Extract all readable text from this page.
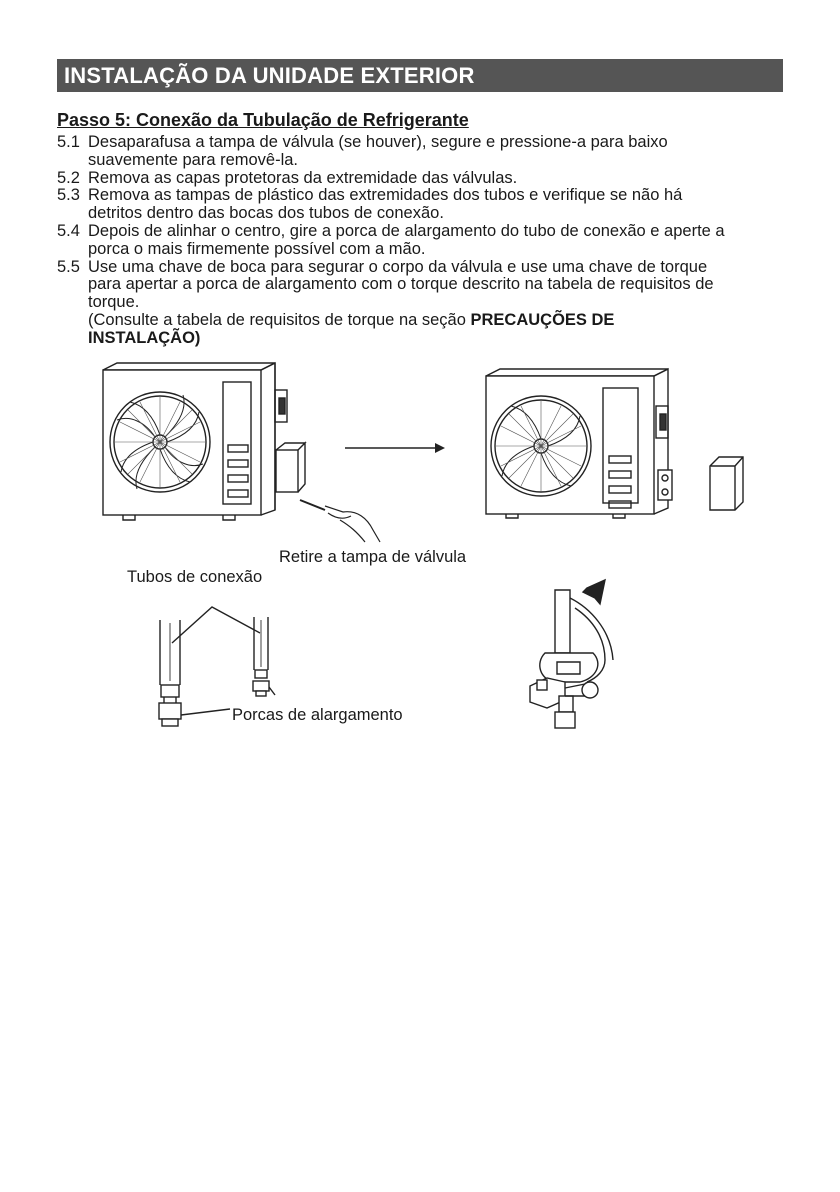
INSTALAÇÃO DA UNIDADE EXTERIOR
Passo 5: Conexão da Tubulação de Refrigerante
5.1 Desaparafusa a tampa de válvula (se houver), segure e pressione-a para baixo
suavemente para removê-la.
5.2 Remova as capas protetoras da extremidade das válvulas.
5.3 Remova as tampas de plástico das extremidades dos tubos e verifique se não há
detritos dentro das bocas dos tubos de conexão.
5.4 Depois de alinhar o centro, gire a porca de alargamento do tubo de conexão e aperte a
porca o mais firmemente possível com a mão.
5.5 Use uma chave de boca para segurar o corpo da válvula e use uma chave de torque
para apertar a porca de alargamento com o torque descrito na tabela de requisitos de
torque.
(Consulte a tabela de requisitos de torque na seção PRECAUÇÕES DE
INSTALAÇÃO)
Retire a tampa de válvula
Tubos de conexão
Porcas de alargamento
